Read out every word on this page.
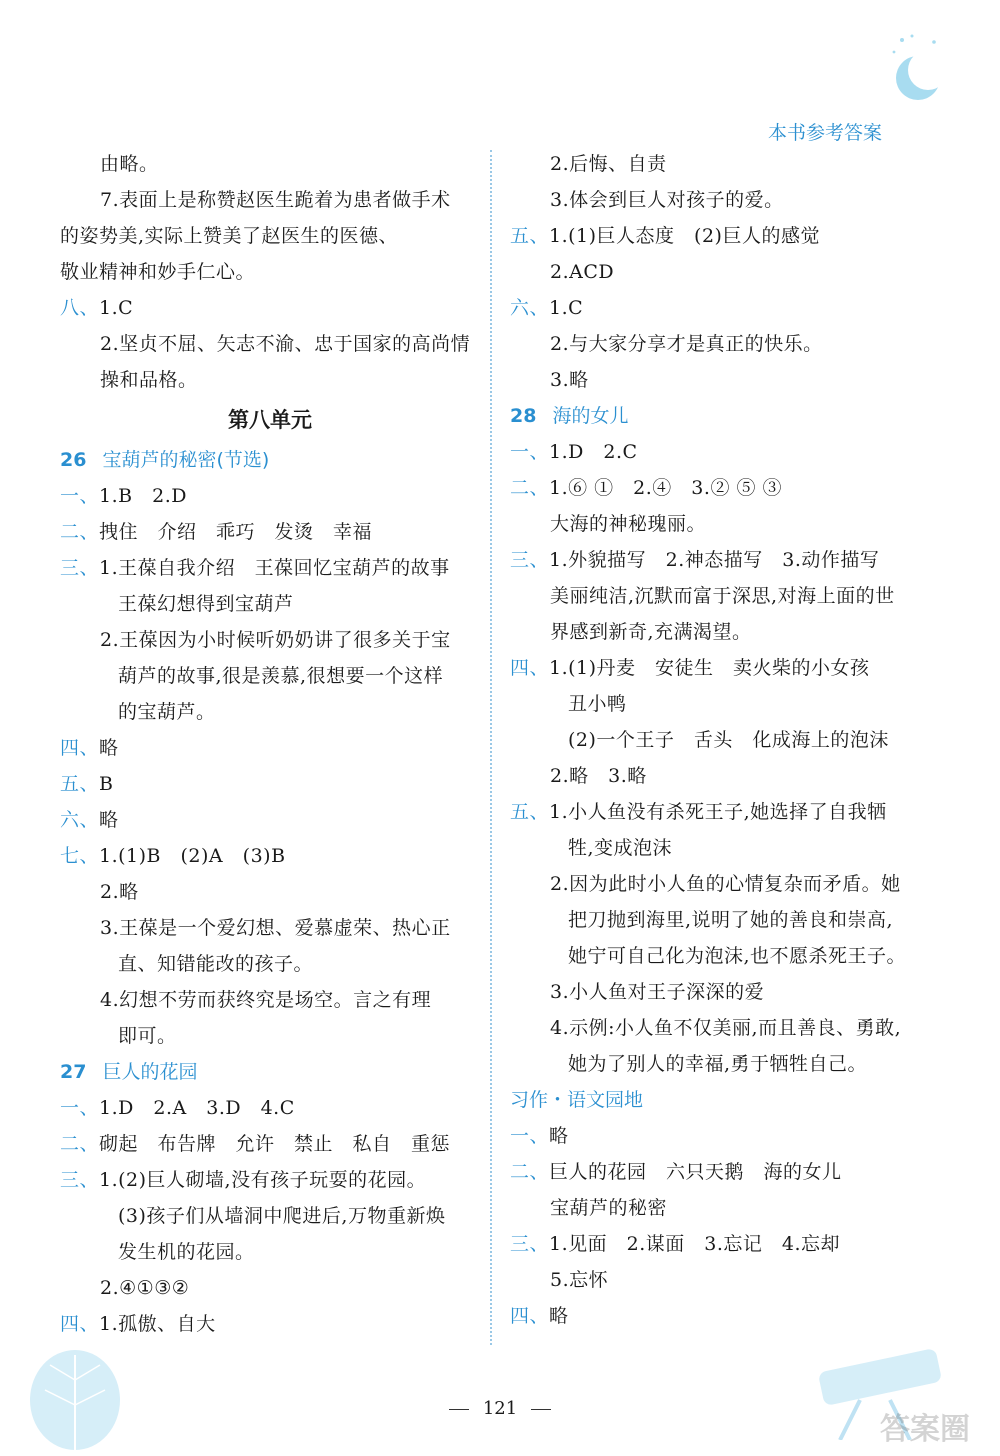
本书参考答案
由略。
7.表面上是称赞赵医生跪着为患者做手术
的姿势美,实际上赞美了赵医生的医德、
敬业精神和妙手仁心。
八、1.C
2.坚贞不屈、矢志不渝、忠于国家的高尚情
操和品格。
第八单元
26 宝葫芦的秘密(节选)
一、1.B　2.D
二、拽住　介绍　乖巧　发烫　幸福
三、1.王葆自我介绍　王葆回忆宝葫芦的故事
王葆幻想得到宝葫芦
2.王葆因为小时候听奶奶讲了很多关于宝
葫芦的故事,很是羡慕,很想要一个这样
的宝葫芦。
四、略
五、B
六、略
七、1.(1)B　(2)A　(3)B
2.略
3.王葆是一个爱幻想、爱慕虚荣、热心正
直、知错能改的孩子。
4.幻想不劳而获终究是场空。言之有理
即可。
27 巨人的花园
一、1.D　2.A　3.D　4.C
二、砌起　布告牌　允许　禁止　私自　重惩
三、1.(2)巨人砌墙,没有孩子玩耍的花园。
(3)孩子们从墙洞中爬进后,万物重新焕
发生机的花园。
2.④①③②
四、1.孤傲、自大
2.后悔、自责
3.体会到巨人对孩子的爱。
五、1.(1)巨人态度　(2)巨人的感觉
2.ACD
六、1.C
2.与大家分享才是真正的快乐。
3.略
28 海的女儿
一、1.D　2.C
二、1.⑥ ①　2.④　3.② ⑤ ③
大海的神秘瑰丽。
三、1.外貌描写　2.神态描写　3.动作描写
美丽纯洁,沉默而富于深思,对海上面的世
界感到新奇,充满渴望。
四、1.(1)丹麦　安徒生　卖火柴的小女孩
丑小鸭
(2)一个王子　舌头　化成海上的泡沫
2.略　3.略
五、1.小人鱼没有杀死王子,她选择了自我牺
牲,变成泡沫
2.因为此时小人鱼的心情复杂而矛盾。她
把刀抛到海里,说明了她的善良和崇高,
她宁可自己化为泡沫,也不愿杀死王子。
3.小人鱼对王子深深的爱
4.示例:小人鱼不仅美丽,而且善良、勇敢,
她为了别人的幸福,勇于牺牲自己。
习作・语文园地
一、略
二、巨人的花园　六只天鹅　海的女儿
宝葫芦的秘密
三、1.见面　2.谋面　3.忘记　4.忘却
5.忘怀
四、略
121
答案圈
